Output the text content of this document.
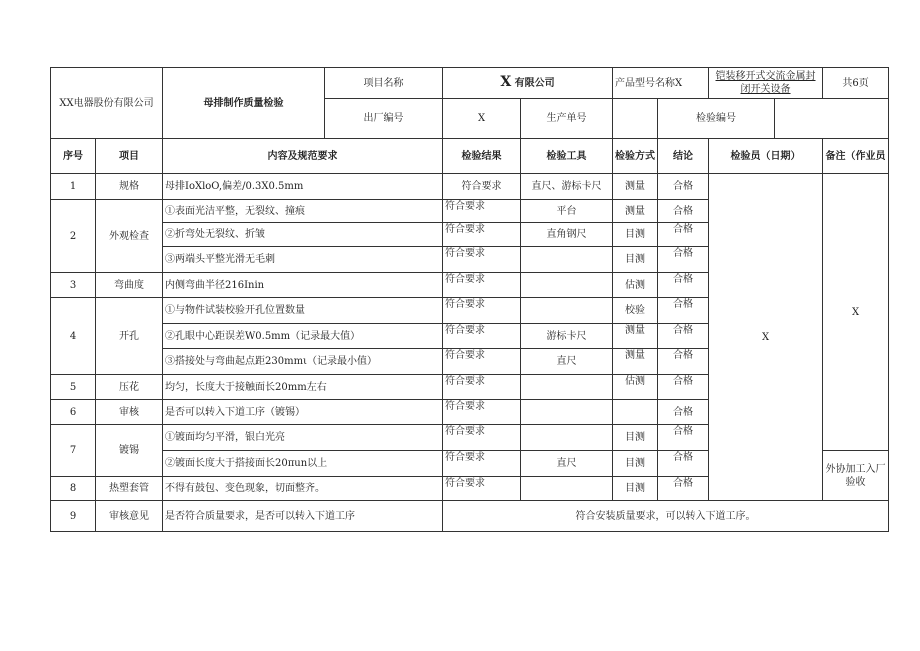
XX电器股份有限公司		母排制作质量检验	项目名称	X 有限公司		产品型号名称X		铠装移开式交流金属封闭开关设备		共6页	
			出厂编号	X	生产单号		检验编号		
序号	项目	内容及规范要求		检验结果	检验工具	检验方式	结论	检验员（日期）		备注（作业员	
1	规格	母排IoXloO,偏差/0.3X0.5mm		符合要求	直尺、游标卡尺	测量	合格	X		X	
2	外观检查	①表面光洁平整，无裂纹、撞痕		符合要求	平台	测量	合格				
		②折弯处无裂纹、折皱		符合要求	直角钢尺	目测	合格				
		③两端头平整光滑无毛刺		符合要求		目测	合格				
3	弯曲度	内侧弯曲半径216Inin		符合要求		估测	合格				
4	开孔	①与物件试装校验开孔位置数量		符合要求		校验	合格				
		②孔眼中心距误差W0.5mm（记录最大值）		符合要求	游标卡尺	测量	合格				
		③搭接处与弯曲起点距230mmι（记录最小值）		符合要求	直尺	测量	合格				
5	压花	均匀，长度大于接触面长20mm左右		符合要求		估测	合格				
6	审核	是否可以转入下道工序（镀锡）		符合要求			合格				
7	镀锡	①镀面均匀平滑，银白光亮		符合要求		目测	合格				
		②镀面长度大于搭接面长20πun以上		符合要求	直尺	目测	合格			外协加工入厂验收	
8	热塑套管	不得有鼓包、变色现象，切面整齐。		符合要求		目测	合格				
9	审核意见	是否符合质量要求，是否可以转入下道工序		符合安装质量要求，可以转入下道工序。							
